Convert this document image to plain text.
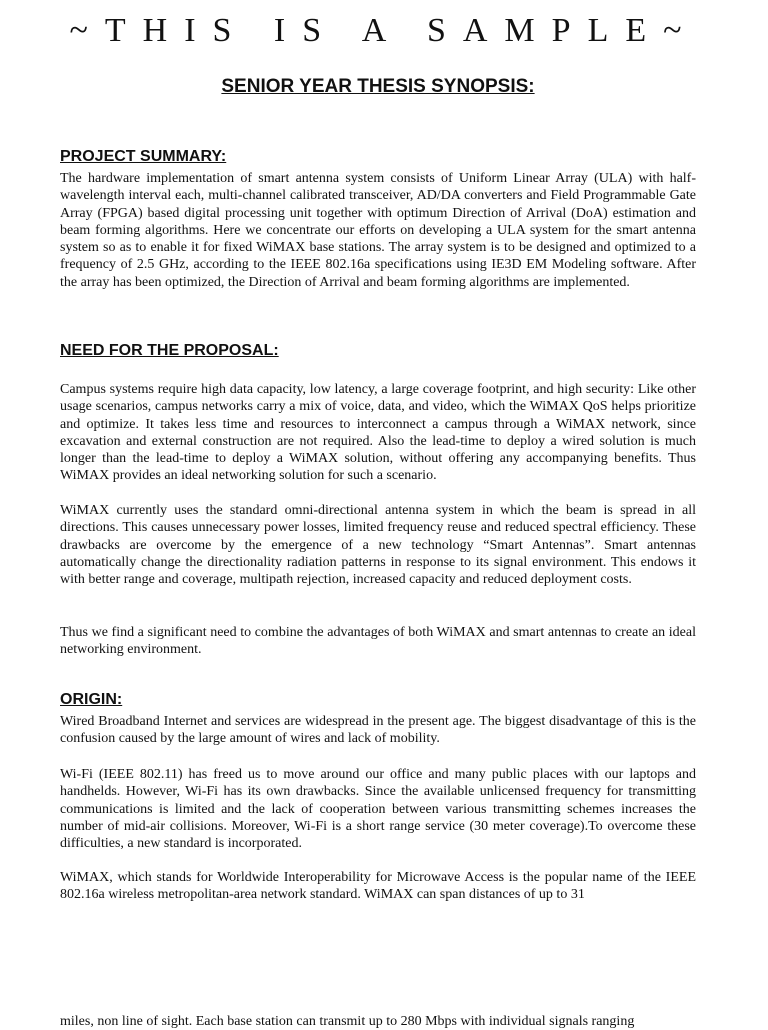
~THIS IS A SAMPLE~
SENIOR YEAR THESIS SYNOPSIS:
PROJECT SUMMARY:

The hardware implementation of smart antenna system consists of Uniform Linear Array (ULA) with half-wavelength interval each, multi-channel calibrated transceiver, AD/DA converters and Field Programmable Gate Array (FPGA) based digital processing unit together with optimum Direction of Arrival (DoA) estimation and beam forming algorithms. Here we concentrate our efforts on developing a ULA system for the smart antenna system so as to enable it for fixed WiMAX base stations. The array system is to be designed and optimized to a frequency of 2.5 GHz, according to the IEEE 802.16a specifications using IE3D EM Modeling software. After the array has been optimized, the Direction of Arrival and beam forming algorithms are implemented.

NEED FOR THE PROPOSAL:

Campus systems require high data capacity, low latency, a large coverage footprint, and high security: Like other usage scenarios, campus networks carry a mix of voice, data, and video, which the WiMAX QoS helps prioritize and optimize. It takes less time and resources to interconnect a campus through a WiMAX network, since excavation and external construction are not required. Also the lead-time to deploy a wired solution is much longer than the lead-time to deploy a WiMAX solution, without offering any accompanying benefits. Thus WiMAX provides an ideal networking solution for such a scenario.

WiMAX currently uses the standard omni-directional antenna system in which the beam is spread in all directions. This causes unnecessary power losses, limited frequency reuse and reduced spectral efficiency. These drawbacks are overcome by the emergence of a new technology “Smart Antennas”. Smart antennas automatically change the directionality radiation patterns in response to its signal environment. This endows it with better range and coverage, multipath rejection, increased capacity and reduced deployment costs.

Thus we find a significant need to combine the advantages of both WiMAX and smart antennas to create an ideal networking environment.

ORIGIN:

Wired Broadband Internet and services are widespread in the present age. The biggest disadvantage of this is the confusion caused by the large amount of wires and lack of mobility.

Wi-Fi (IEEE 802.11) has freed us to move around our office and many public places with our laptops and handhelds. However, Wi-Fi has its own drawbacks. Since the available unlicensed frequency for transmitting communications is limited and the lack of cooperation between various transmitting schemes increases the number of mid-air collisions. Moreover, Wi-Fi is a short range service (30 meter coverage).To overcome these difficulties, a new standard is incorporated.

WiMAX, which stands for Worldwide Interoperability for Microwave Access is the popular name of the IEEE 802.16a wireless metropolitan-area network standard. WiMAX can span distances of up to 31

miles, non line of sight. Each base station can transmit up to 280 Mbps with individual signals ranging
